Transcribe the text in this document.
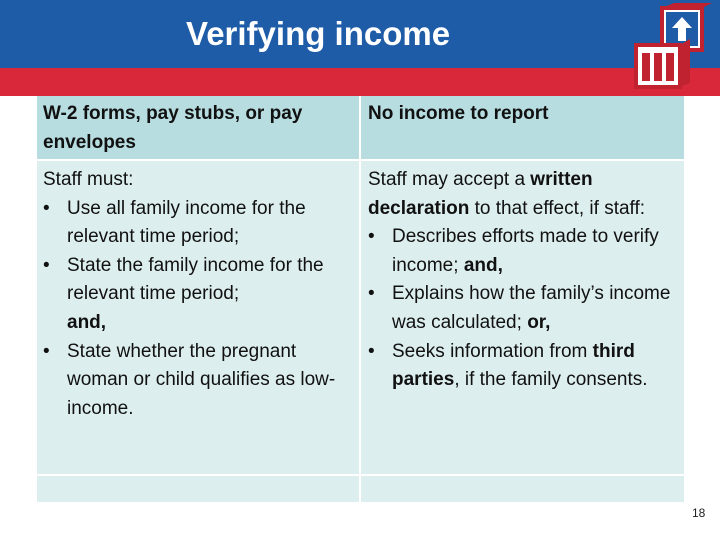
Verifying income
W-2 forms, pay stubs, or pay envelopes
No income to report
Staff must:
• Use all family income for the relevant time period;
• State the family income for the relevant time period;
and,
• State whether the pregnant woman or child qualifies as low-income.
Staff may accept a written declaration to that effect, if staff:
• Describes efforts made to verify income; and,
• Explains how the family’s income was calculated; or,
• Seeks information from third parties, if the family consents.
18
